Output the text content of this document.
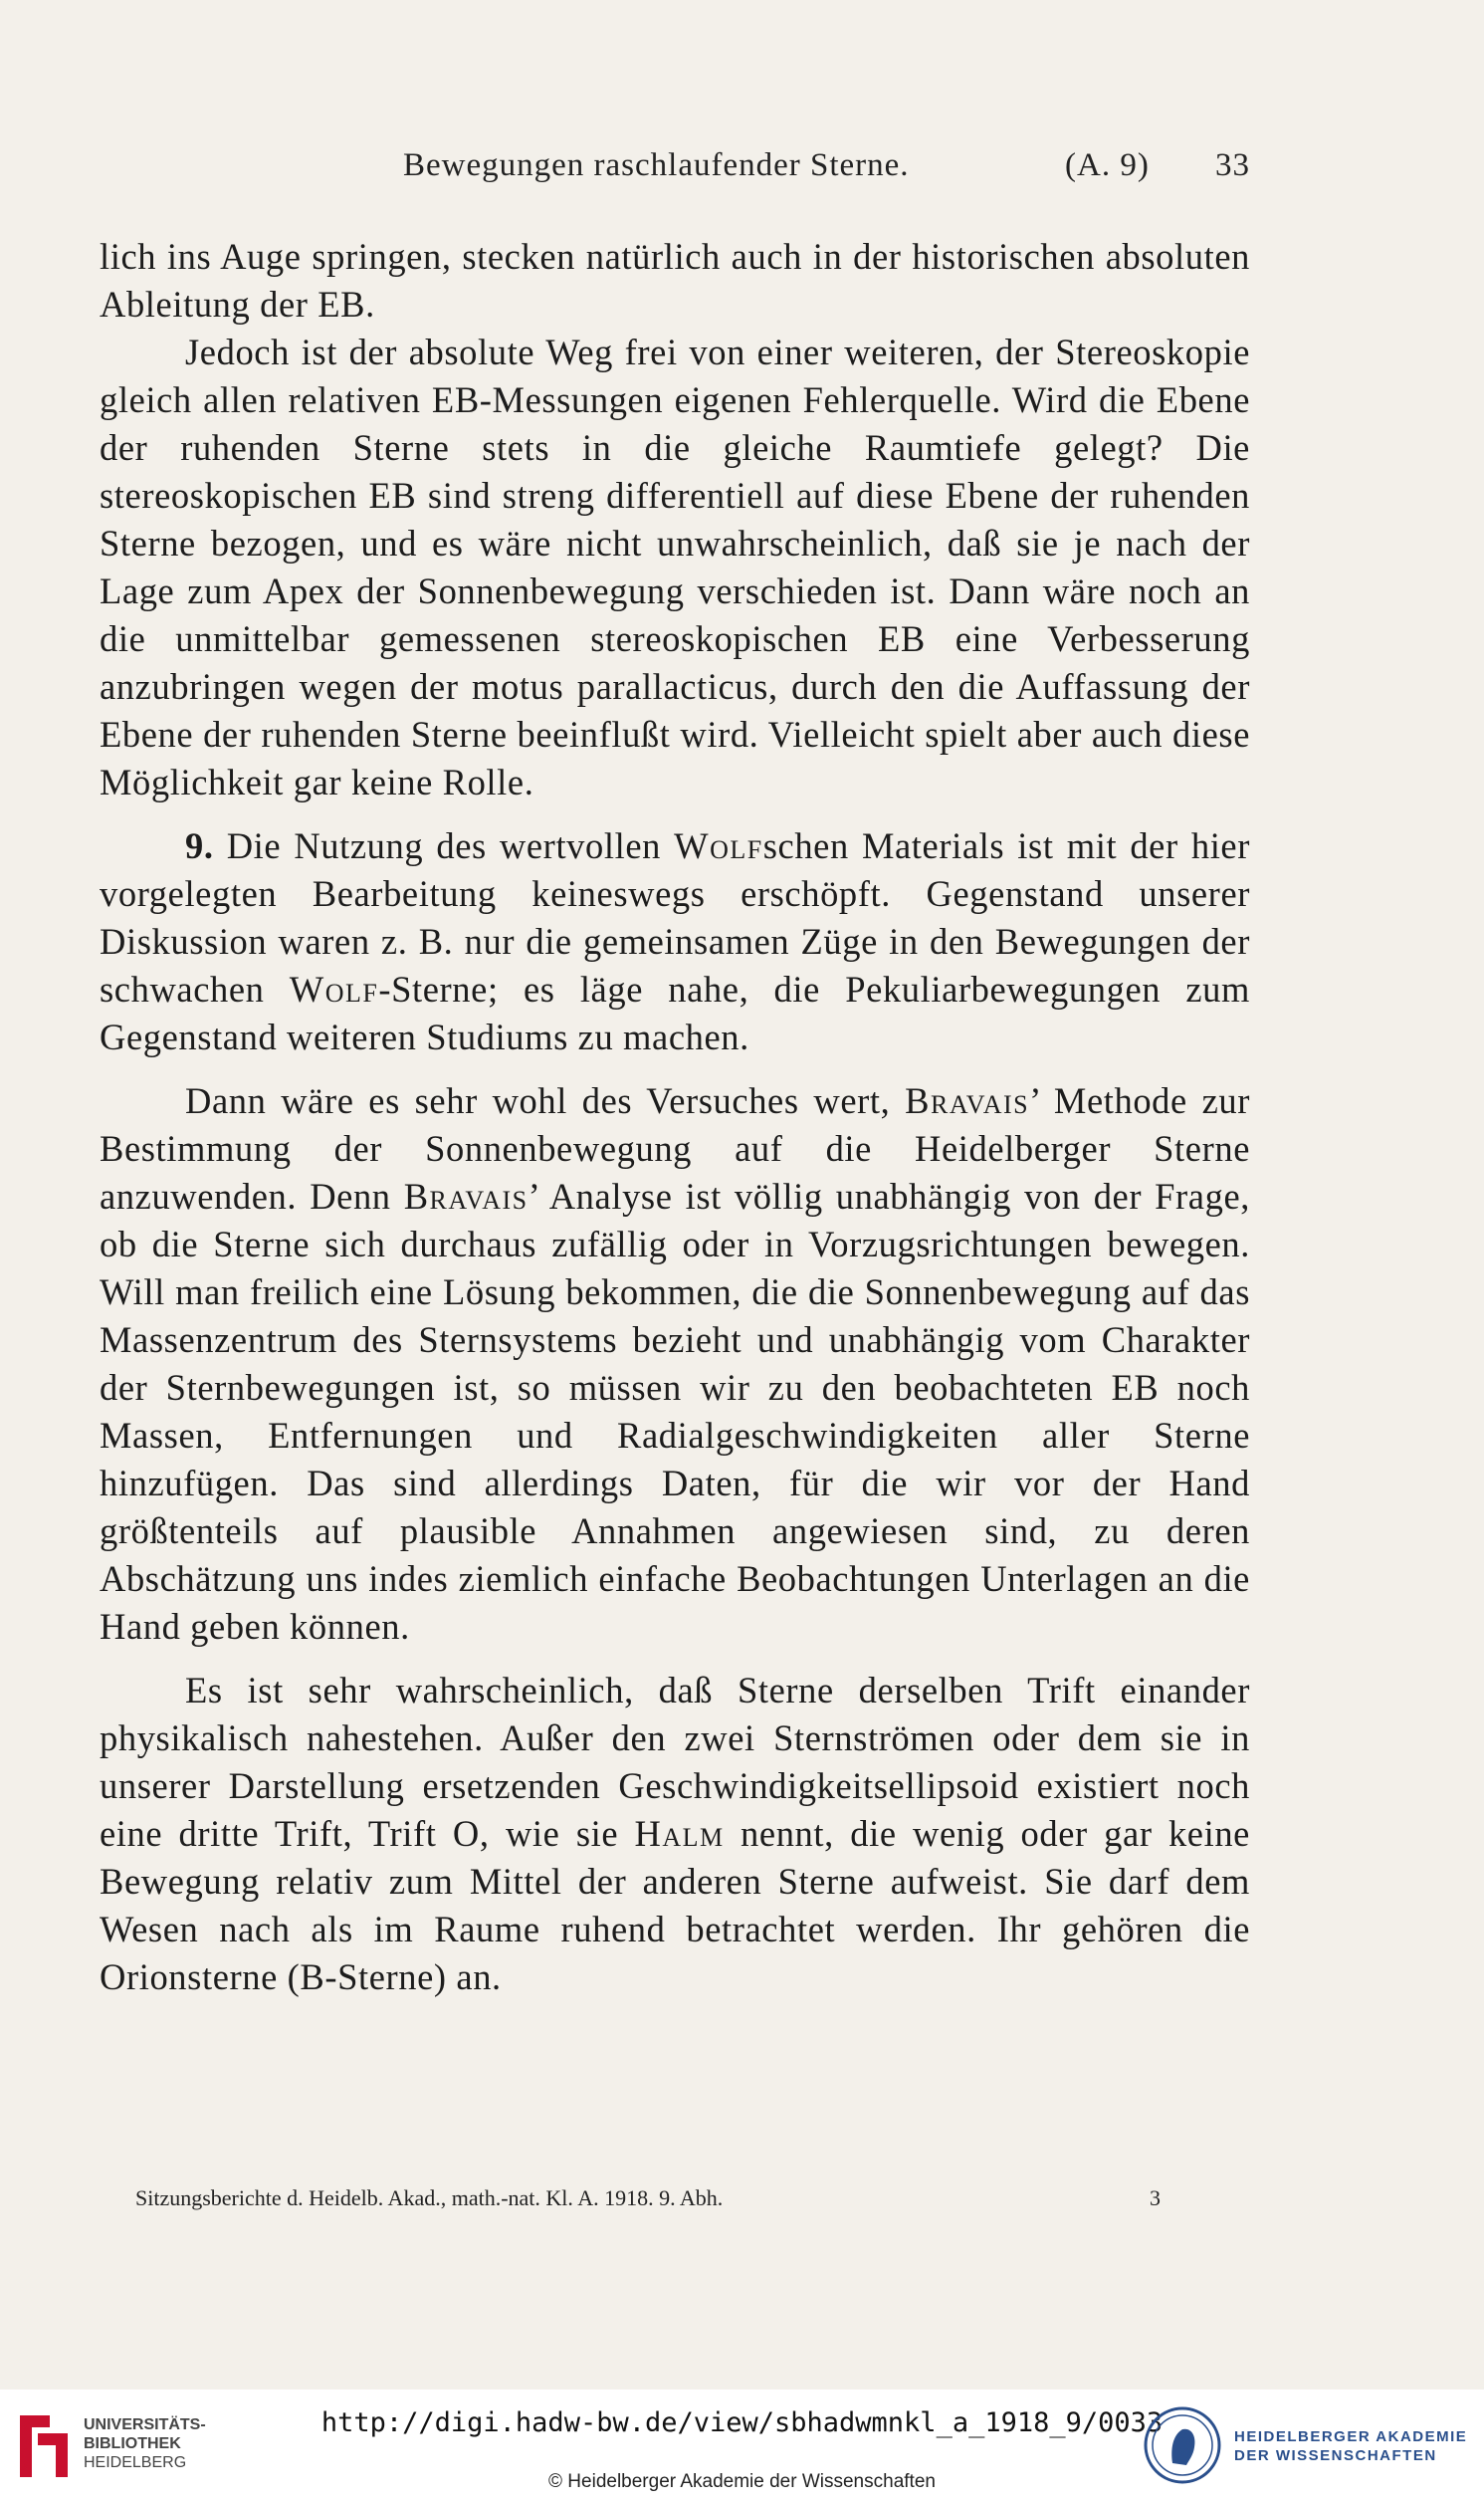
Bewegungen raschlaufender Sterne.	(A. 9) 33

lich ins Auge springen, stecken natürlich auch in der historischen absoluten Ableitung der EB.

Jedoch ist der absolute Weg frei von einer weiteren, der Stereoskopie gleich allen relativen EB-Messungen eigenen Fehlerquelle. Wird die Ebene der ruhenden Sterne stets in die gleiche Raumtiefe gelegt? Die stereoskopischen EB sind streng differentiell auf diese Ebene der ruhenden Sterne bezogen, und es wäre nicht unwahrscheinlich, daß sie je nach der Lage zum Apex der Sonnenbewegung verschieden ist. Dann wäre noch an die unmittelbar gemessenen stereoskopischen EB eine Verbesserung anzubringen wegen der motus parallacticus, durch den die Auffassung der Ebene der ruhenden Sterne beeinflußt wird. Vielleicht spielt aber auch diese Möglichkeit gar keine Rolle.

9. Die Nutzung des wertvollen Wolfschen Materials ist mit der hier vorgelegten Bearbeitung keineswegs erschöpft. Gegenstand unserer Diskussion waren z. B. nur die gemeinsamen Züge in den Bewegungen der schwachen Wolf-Sterne; es läge nahe, die Pekuliarbewegungen zum Gegenstand weiteren Studiums zu machen.

Dann wäre es sehr wohl des Versuches wert, Bravais’ Methode zur Bestimmung der Sonnenbewegung auf die Heidelberger Sterne anzuwenden. Denn Bravais’ Analyse ist völlig unabhängig von der Frage, ob die Sterne sich durchaus zufällig oder in Vorzugsrichtungen bewegen. Will man freilich eine Lösung bekommen, die die Sonnenbewegung auf das Massenzentrum des Sternsystems bezieht und unabhängig vom Charakter der Sternbewegungen ist, so müssen wir zu den beobachteten EB noch Massen, Entfernungen und Radialgeschwindigkeiten aller Sterne hinzufügen. Das sind allerdings Daten, für die wir vor der Hand größtenteils auf plausible Annahmen angewiesen sind, zu deren Abschätzung uns indes ziemlich einfache Beobachtungen Unterlagen an die Hand geben können.

Es ist sehr wahrscheinlich, daß Sterne derselben Trift einander physikalisch nahestehen. Außer den zwei Sternströmen oder dem sie in unserer Darstellung ersetzenden Geschwindigkeitsellipsoid existiert noch eine dritte Trift, Trift O, wie sie Halm nennt, die wenig oder gar keine Bewegung relativ zum Mittel der anderen Sterne aufweist. Sie darf dem Wesen nach als im Raume ruhend betrachtet werden. Ihr gehören die Orionsterne (B-Sterne) an.

Sitzungsberichte d. Heidelb. Akad., math.-nat. Kl. A. 1918. 9. Abh.	3
UNIVERSITÄTS-
BIBLIOTHEK
HEIDELBERG
http://digi.hadw-bw.de/view/sbhadwmnkl_a_1918_9/0033
© Heidelberger Akademie der Wissenschaften
HEIDELBERGER AKADEMIE
DER WISSENSCHAFTEN
